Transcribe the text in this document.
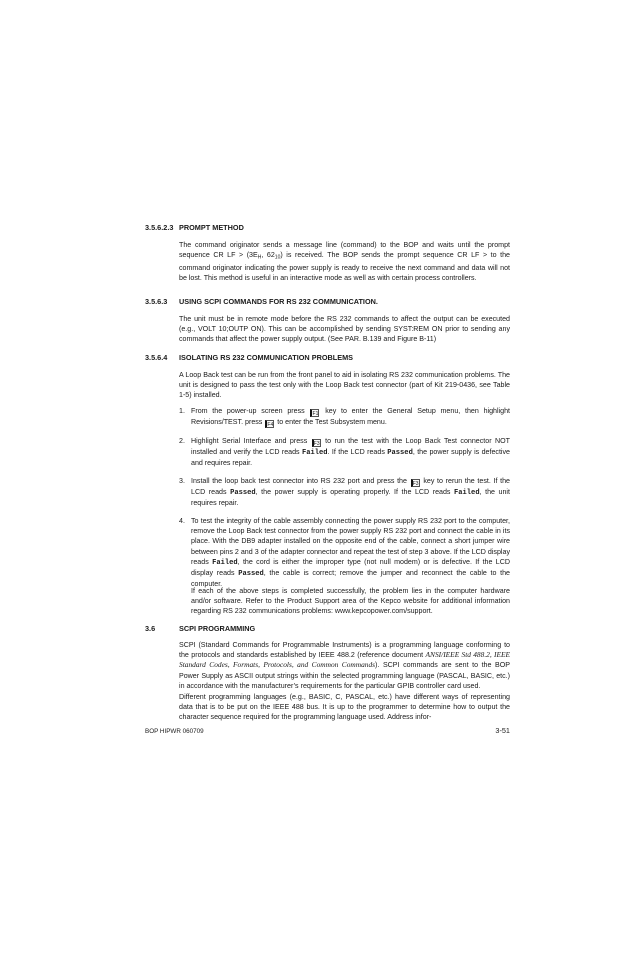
3.5.6.2.3 PROMPT METHOD

The command originator sends a message line (command) to the BOP and waits until the prompt sequence CR LF > ($3E_H$, $62_{10}$) is received. The BOP sends the prompt sequence CR LF > to the command originator indicating the power supply is ready to receive the next command and data will not be lost. This method is useful in an interactive mode as well as with certain process controllers.

3.5.6.3 USING SCPI COMMANDS FOR RS 232 COMMUNICATION.

The unit must be in remote mode before the RS 232 commands to affect the output can be executed (e.g., VOLT 10;OUTP ON). This can be accomplished by sending SYST:REM ON prior to sending any commands that affect the power supply output. (See PAR. B.139 and Figure B-11)

3.5.6.4 ISOLATING RS 232 COMMUNICATION PROBLEMS

A Loop Back test can be run from the front panel to aid in isolating RS 232 communication problems. The unit is designed to pass the test only with the Loop Back test connector (part of Kit 219-0436, see Table 1-5) installed.

1. From the power-up screen press F1 key to enter the General Setup menu, then highlight Revisions/TEST. press F4 to enter the Test Subsystem menu.
2. Highlight Serial Interface and press F3 to run the test with the Loop Back Test connector NOT installed and verify the LCD reads Failed. If the LCD reads Passed, the power supply is defective and requires repair.
3. Install the loop back test connector into RS 232 port and press the F3 key to rerun the test. If the LCD reads Passed, the power supply is operating properly. If the LCD reads Failed, the unit requires repair.
4. To test the integrity of the cable assembly connecting the power supply RS 232 port to the computer, remove the Loop Back test connector from the power supply RS 232 port and connect the cable in its place. With the DB9 adapter installed on the opposite end of the cable, connect a short jumper wire between pins 2 and 3 of the adapter connector and repeat the test of step 3 above. If the LCD display reads Failed, the cord is either the improper type (not null modem) or is defective. If the LCD display reads Passed, the cable is correct; remove the jumper and reconnect the cable to the computer.

If each of the above steps is completed successfully, the problem lies in the computer hardware and/or software. Refer to the Product Support area of the Kepco website for additional information regarding RS 232 communications problems: www.kepcopower.com/support.

3.6	SCPI PROGRAMMING

SCPI (Standard Commands for Programmable Instruments) is a programming language conforming to the protocols and standards established by IEEE 488.2 (reference document ANSI/IEEE Std 488.2, IEEE Standard Codes, Formats, Protocols, and Common Commands). SCPI commands are sent to the BOP Power Supply as ASCII output strings within the selected programming language (PASCAL, BASIC, etc.) in accordance with the manufacturer’s requirements for the particular GPIB controller card used.

Different programming languages (e.g., BASIC, C, PASCAL, etc.) have different ways of representing data that is to be put on the IEEE 488 bus. It is up to the programmer to determine how to output the character sequence required for the programming language used. Address infor-

BOP HIPWR 060709	3-51
